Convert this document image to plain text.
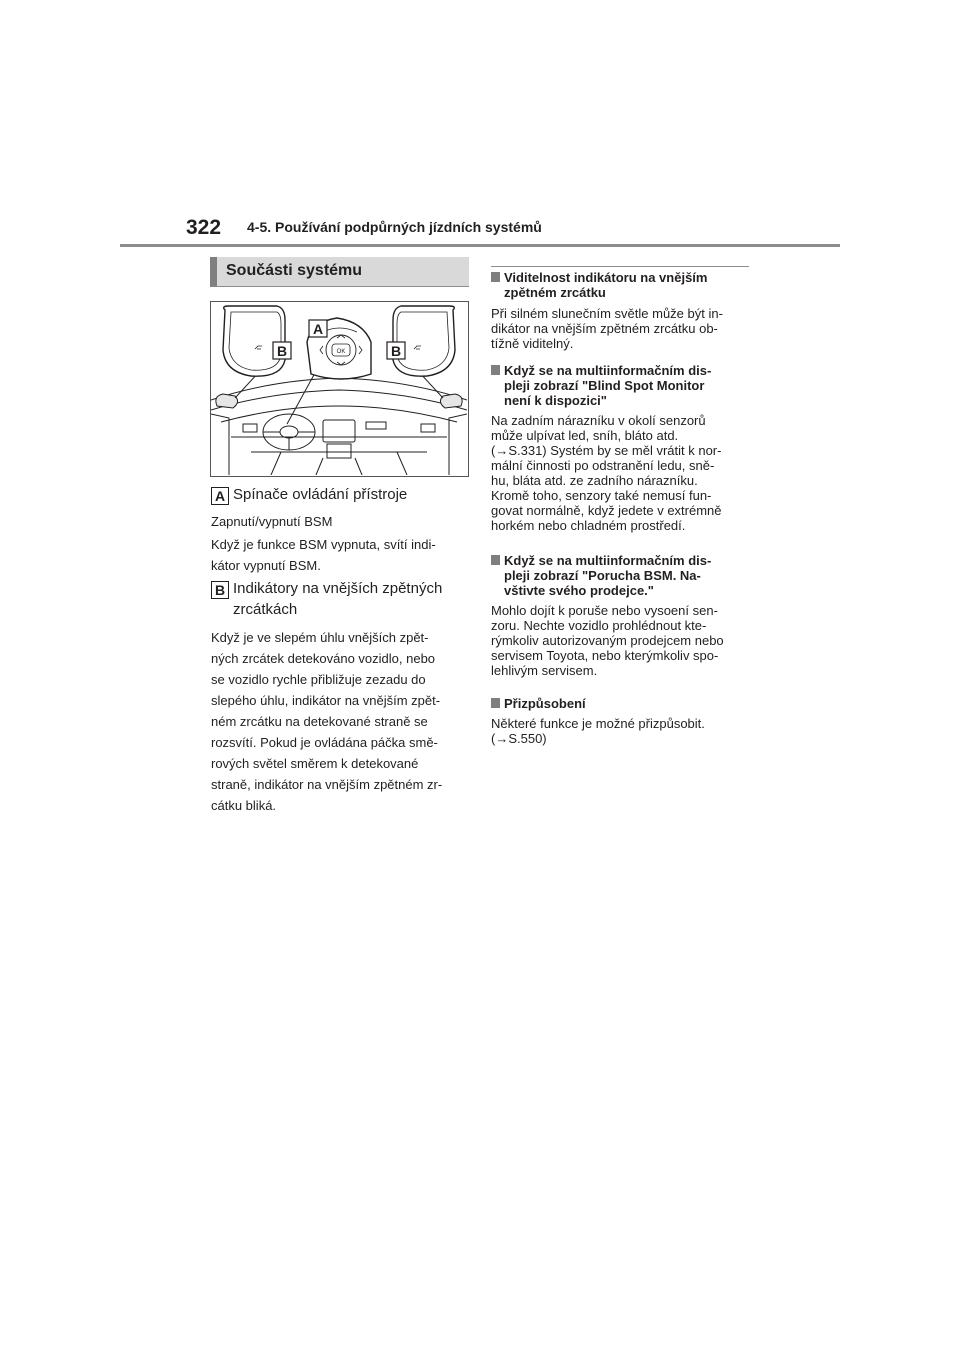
322 4-5. Používání podpůrných jízdních systémů
Součásti systému
A
B	B
OK
A Spínače ovládání přístroje
Zapnutí/vypnutí BSM
Když je funkce BSM vypnuta, svítí indi-
kátor vypnutí BSM.
B Indikátory na vnějších zpětných
zrcátkách
Když je ve slepém úhlu vnějších zpět-
ných zrcátek detekováno vozidlo, nebo
se vozidlo rychle přibližuje zezadu do
slepého úhlu, indikátor na vnějším zpět-
ném zrcátku na detekované straně se
rozsvítí. Pokud je ovládána páčka smě-
rových světel směrem k detekované
straně, indikátor na vnějším zpětném zr-
cátku bliká.
Viditelnost indikátoru na vnějším
zpětném zrcátku
Při silném slunečním světle může být in-
dikátor na vnějším zpětném zrcátku ob-
tížně viditelný.
Když se na multiinformačním dis-
pleji zobrazí "Blind Spot Monitor
není k dispozici"
Na zadním nárazníku v okolí senzorů
může ulpívat led, sníh, bláto atd.
(→S.331) Systém by se měl vrátit k nor-
mální činnosti po odstranění ledu, sně-
hu, bláta atd. ze zadního nárazníku.
Kromě toho, senzory také nemusí fun-
govat normálně, když jedete v extrémně
horkém nebo chladném prostředí.
Když se na multiinformačním dis-
pleji zobrazí "Porucha BSM. Na-
vštivte svého prodejce."
Mohlo dojít k poruše nebo vysoení sen-
zoru. Nechte vozidlo prohlédnout kte-
rýmkoliv autorizovaným prodejcem nebo
servisem Toyota, nebo kterýmkoliv spo-
lehlivým servisem.
Přizpůsobení
Některé funkce je možné přizpůsobit.
(→S.550)
